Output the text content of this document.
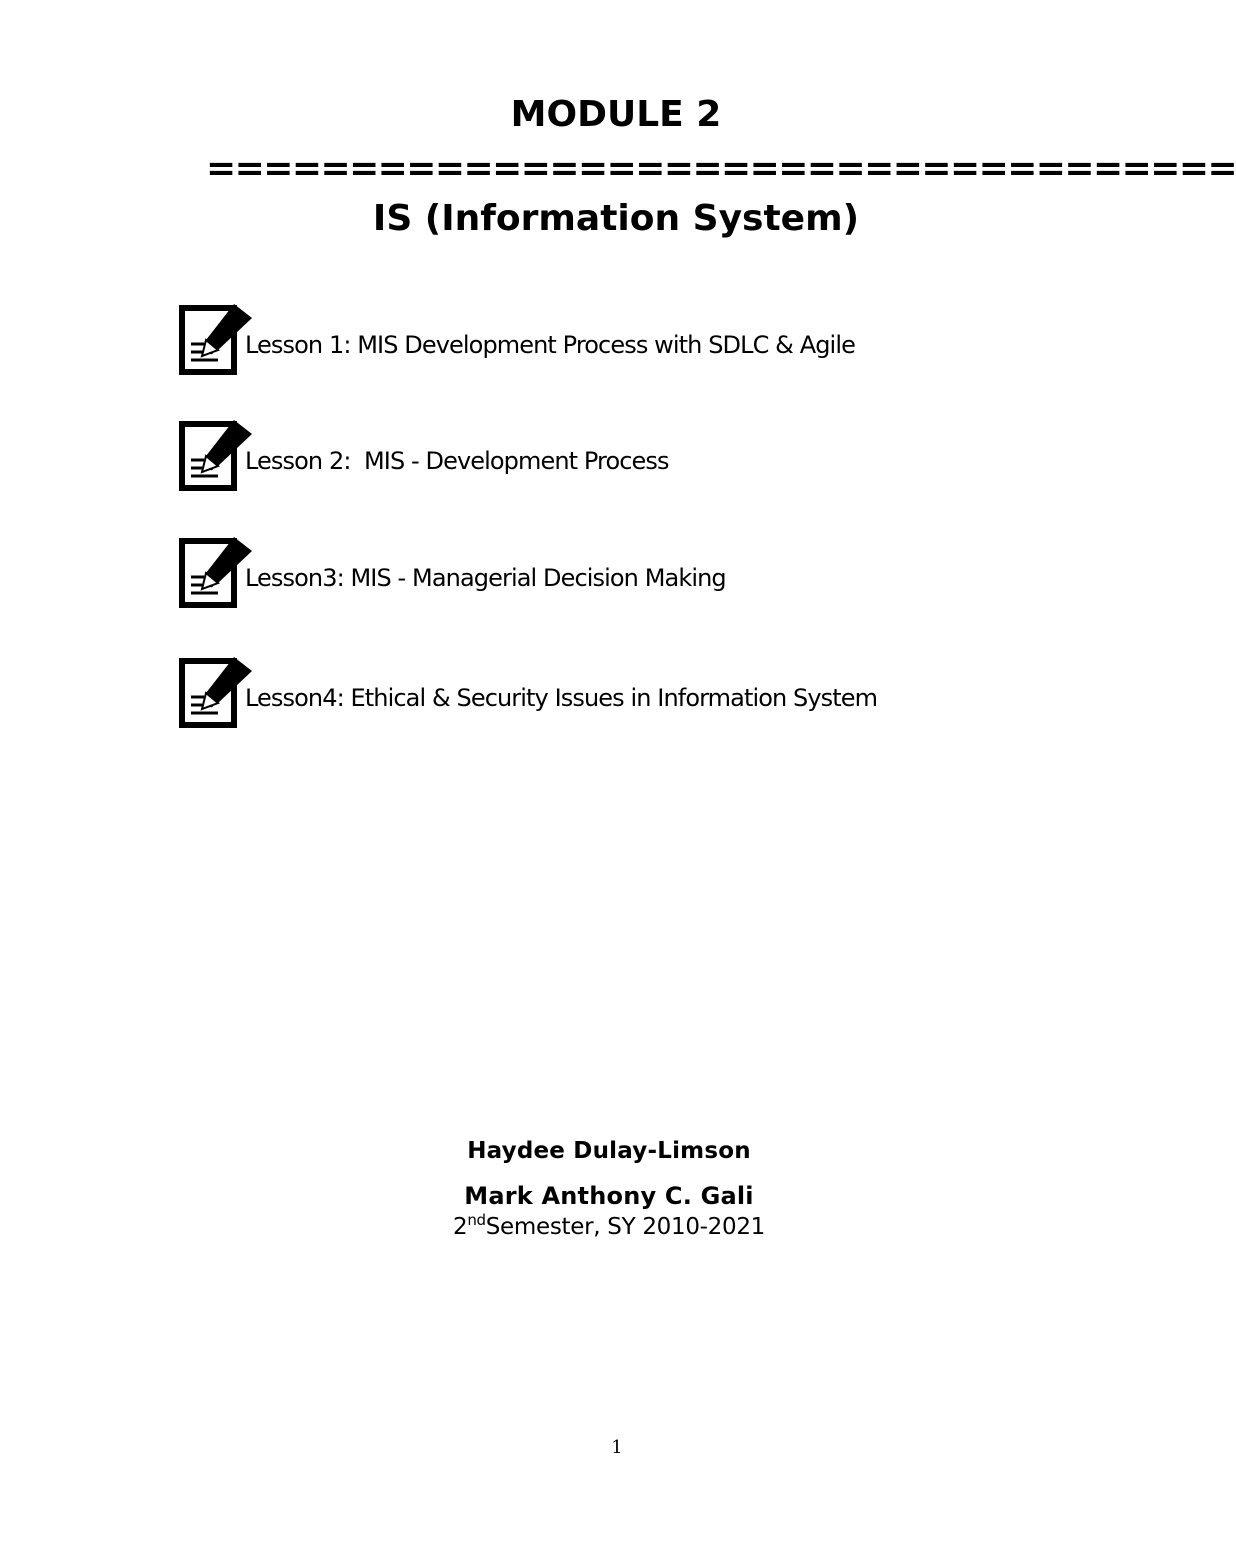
MODULE 2
====================================
IS (Information System)
Lesson 1: MIS Development Process with SDLC & Agile
Lesson 2:  MIS - Development Process
Lesson3: MIS - Managerial Decision Making
Lesson4: Ethical & Security Issues in Information System
Haydee Dulay-Limson
Mark Anthony C. Gali
2ndSemester, SY 2010-2021
1
